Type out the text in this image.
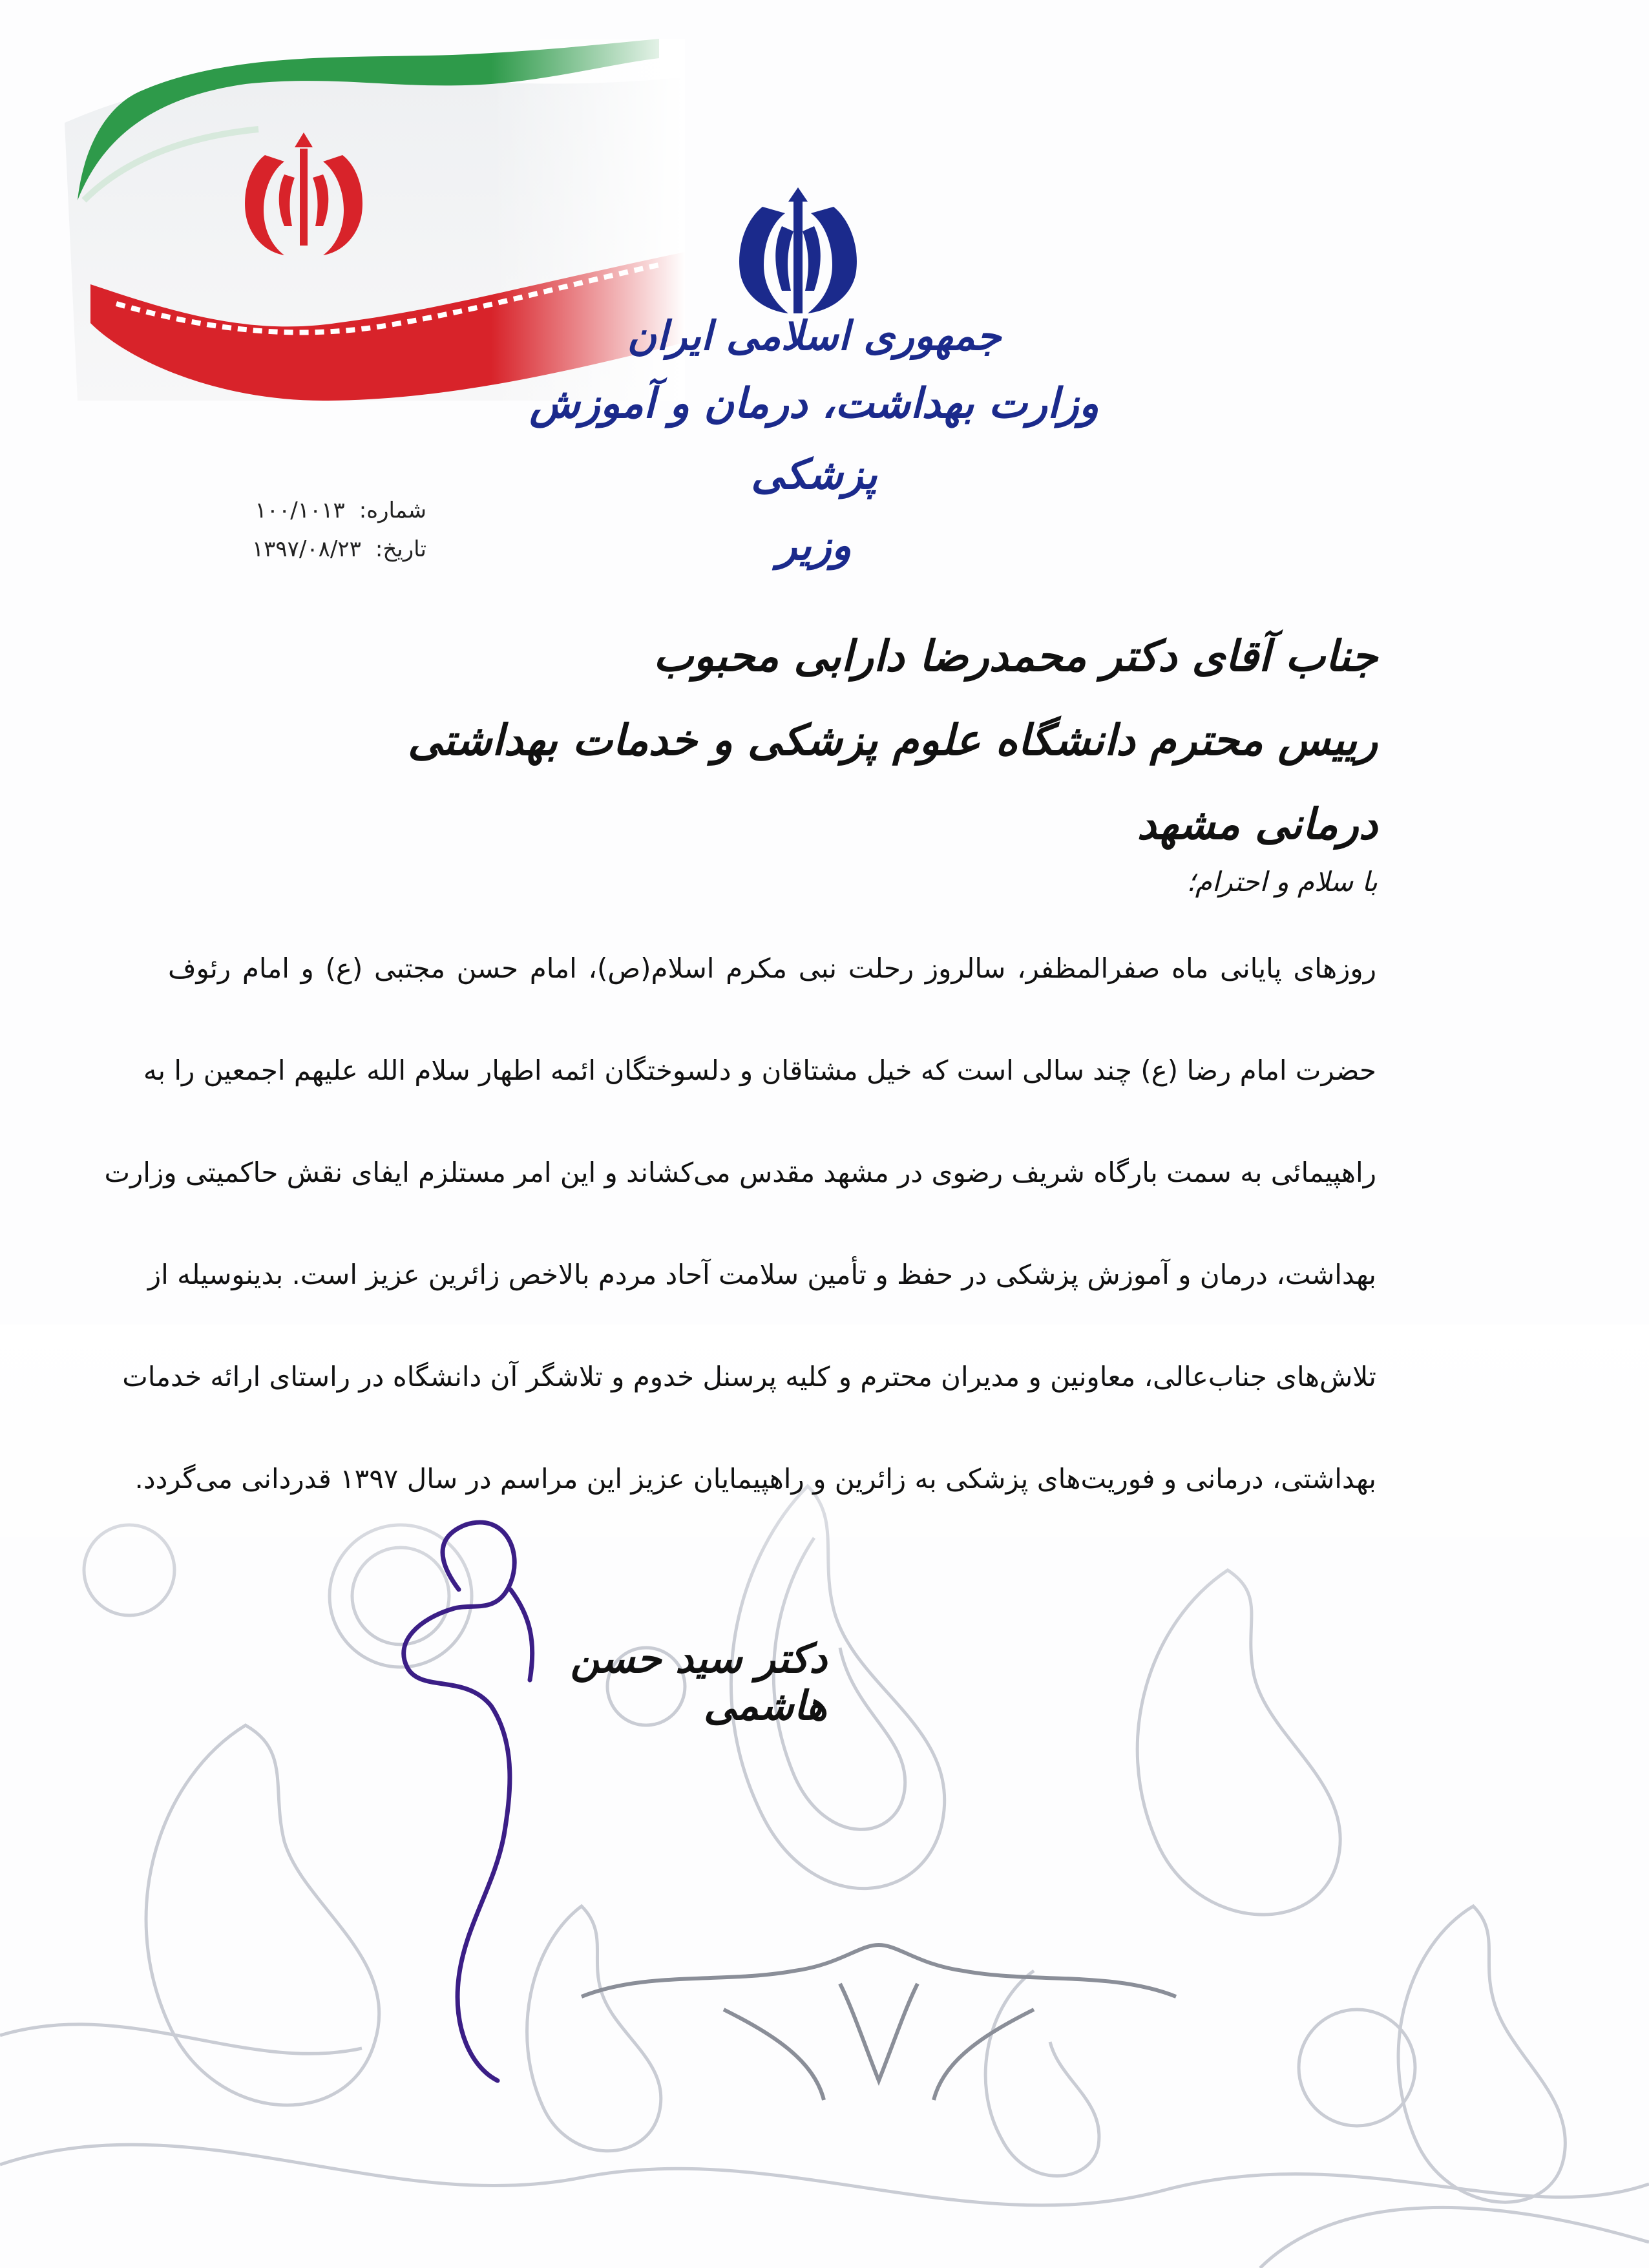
جمهوری اسلامی ایران
وزارت بهداشت، درمان و آموزش پزشکی
وزیر
شماره:
۱۰۰/۱۰۱۳
تاریخ:
۱۳۹۷/۰۸/۲۳
جناب آقای دکتر محمدرضا دارابی محبوب
رییس محترم دانشگاه علوم پزشکی و خدمات بهداشتی درمانی مشهد
با سلام و احترام؛
روزهای پایانی ماه صفرالمظفر، سالروز رحلت نبی مکرم اسلام(ص)، امام حسن مجتبی (ع) و امام رئوف
حضرت امام رضا (ع) چند سالی است که خیل مشتاقان و دلسوختگان ائمه اطهار سلام الله علیهم اجمعین را به
راهپیمائی به سمت بارگاه شریف رضوی در مشهد مقدس می‌کشاند و این امر مستلزم ایفای نقش حاکمیتی وزارت
بهداشت، درمان و آموزش پزشکی در حفظ و تأمین سلامت آحاد مردم بالاخص زائرین عزیز است. بدینوسیله از
تلاش‌های جناب‌عالی، معاونین و مدیران محترم و کلیه پرسنل خدوم و تلاشگر آن دانشگاه در راستای ارائه خدمات
بهداشتی، درمانی و فوریت‌های پزشکی به زائرین و راهپیمایان عزیز این مراسم در سال ۱۳۹۷ قدردانی می‌گردد.
دکتر سید حسن هاشمی
